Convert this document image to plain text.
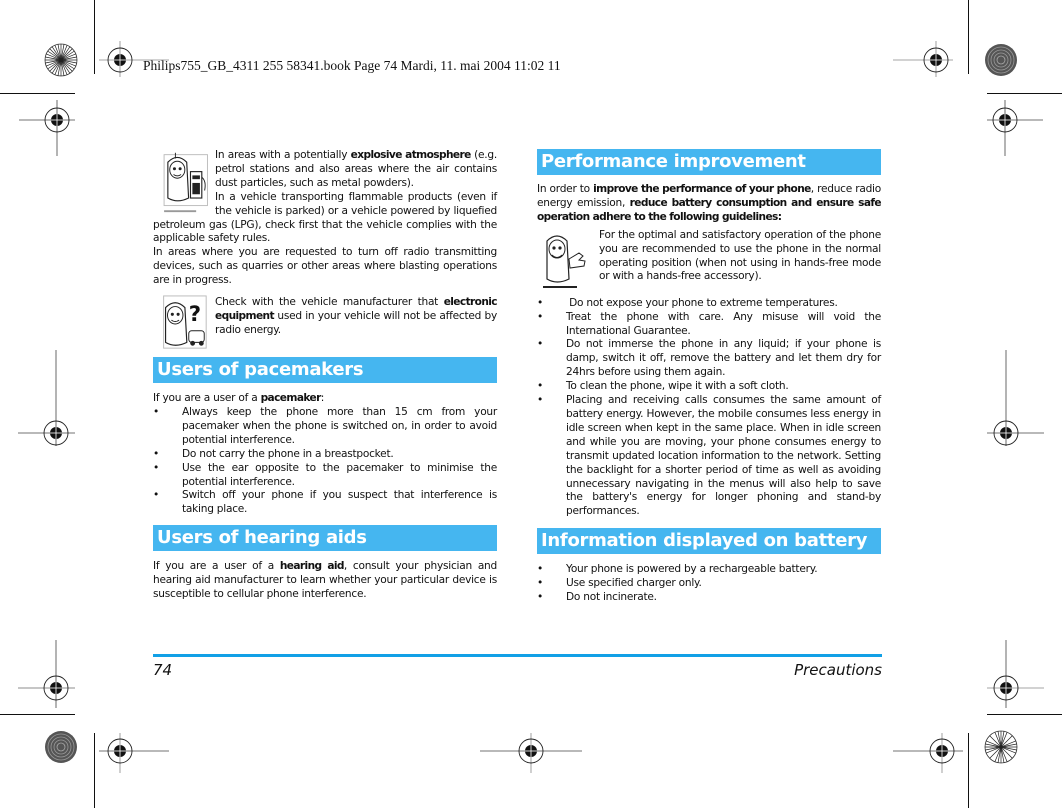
Philips755_GB_4311 255 58341.book Page 74 Mardi, 11. mai 2004 11:02 11

In areas with a potentially explosive atmosphere (e.g. petrol stations and also areas where the air contains dust particles, such as metal powders).

In a vehicle transporting flammable products (even if the vehicle is parked) or a vehicle powered by liquefied petroleum gas (LPG), check first that the vehicle complies with the applicable safety rules.

In areas where you are requested to turn off radio transmitting devices, such as quarries or other areas where blasting operations are in progress.

?

Check with the vehicle manufacturer that electronic equipment used in your vehicle will not be affected by radio energy.

Users of pacemakers

If you are a user of a pacemaker:

•	Always keep the phone more than 15 cm from your pacemaker when the phone is switched on, in order to avoid potential interference.
•	Do not carry the phone in a breastpocket.
•	Use the ear opposite to the pacemaker to minimise the potential interference.
•	Switch off your phone if you suspect that interference is taking place.
Users of hearing aids

If you are a user of a hearing aid, consult your physician and hearing aid manufacturer to learn whether your particular device is susceptible to cellular phone interference.

Performance improvement

In order to improve the performance of your phone, reduce radio energy emission, reduce battery consumption and ensure safe operation adhere to the following guidelines:

For the optimal and satisfactory operation of the phone you are recommended to use the phone in the normal operating position (when not using in hands-free mode or with a hands-free accessory).

•	Do not expose your phone to extreme temperatures.
•	Treat the phone with care. Any misuse will void the International Guarantee.
•	Do not immerse the phone in any liquid; if your phone is damp, switch it off, remove the battery and let them dry for 24hrs before using them again.
•	To clean the phone, wipe it with a soft cloth.
•	Placing and receiving calls consumes the same amount of battery energy. However, the mobile consumes less energy in idle screen when kept in the same place. When in idle screen and while you are moving, your phone consumes energy to transmit updated location information to the network. Setting the backlight for a shorter period of time as well as avoiding unnecessary navigating in the menus will also help to save the battery's energy for longer phoning and stand-by performances.
Information displayed on battery
•	Your phone is powered by a rechargeable battery.
•	Use specified charger only.
•	Do not incinerate.
74	Precautions
